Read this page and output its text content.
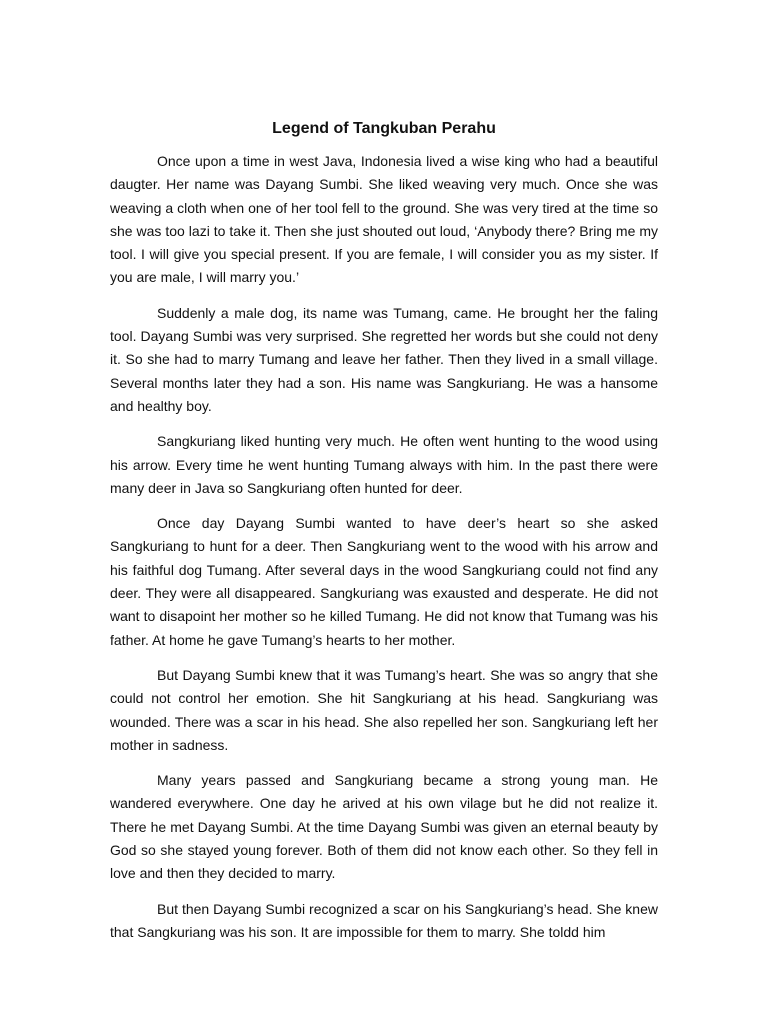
Legend of Tangkuban Perahu

Once upon a time in west Java, Indonesia lived a wise king who had a beautiful daugter. Her name was Dayang Sumbi. She liked weaving very much. Once she was weaving a cloth when one of her tool fell to the ground. She was very tired at the time so she was too lazi to take it. Then she just shouted out loud, ‘Anybody there? Bring me my tool. I will give you special present. If you are female, I will consider you as my sister. If you are male, I will marry you.’

Suddenly a male dog, its name was Tumang, came. He brought her the faling tool. Dayang Sumbi was very surprised. She regretted her words but she could not deny it. So she had to marry Tumang and leave her father. Then they lived in a small village. Several months later they had a son. His name was Sangkuriang. He was a hansome and healthy boy.

Sangkuriang liked hunting very much. He often went hunting to the wood using his arrow. Every time he went hunting Tumang always with him. In the past there were many deer in Java so Sangkuriang often hunted for deer.

Once day Dayang Sumbi wanted to have deer’s heart so she asked Sangkuriang to hunt for a deer. Then Sangkuriang went to the wood with his arrow and his faithful dog Tumang. After several days in the wood Sangkuriang could not find any deer. They were all disappeared. Sangkuriang was exausted and desperate. He did not want to disapoint her mother so he killed Tumang. He did not know that Tumang was his father. At home he gave Tumang’s hearts to her mother.

But Dayang Sumbi knew that it was Tumang’s heart. She was so angry that she could not control her emotion. She hit Sangkuriang at his head. Sangkuriang was wounded. There was a scar in his head. She also repelled her son. Sangkuriang left her mother in sadness.

Many years passed and Sangkuriang became a strong young man. He wandered everywhere. One day he arived at his own vilage but he did not realize it. There he met Dayang Sumbi. At the time Dayang Sumbi was given an eternal beauty by God so she stayed young forever. Both of them did not know each other. So they fell in love and then they decided to marry.

But then Dayang Sumbi recognized a scar on his Sangkuriang’s head. She knew that Sangkuriang was his son. It are impossible for them to marry. She toldd him
